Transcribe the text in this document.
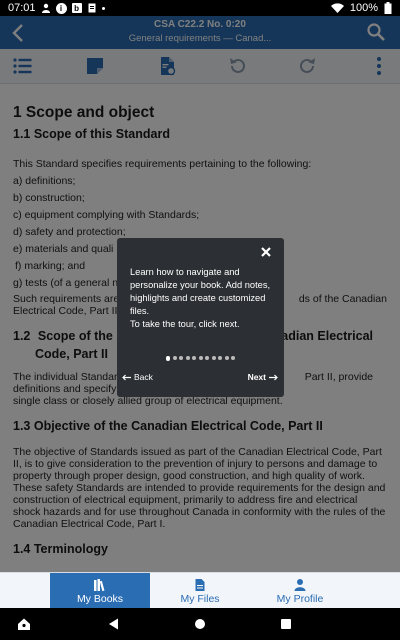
07:01	i	b	100%

Learn how to navigate and
personalize your book. Add notes,
highlights and create customized
files.
To take the tour, click next.
Back	Next
My Books	My Files	My Profile
